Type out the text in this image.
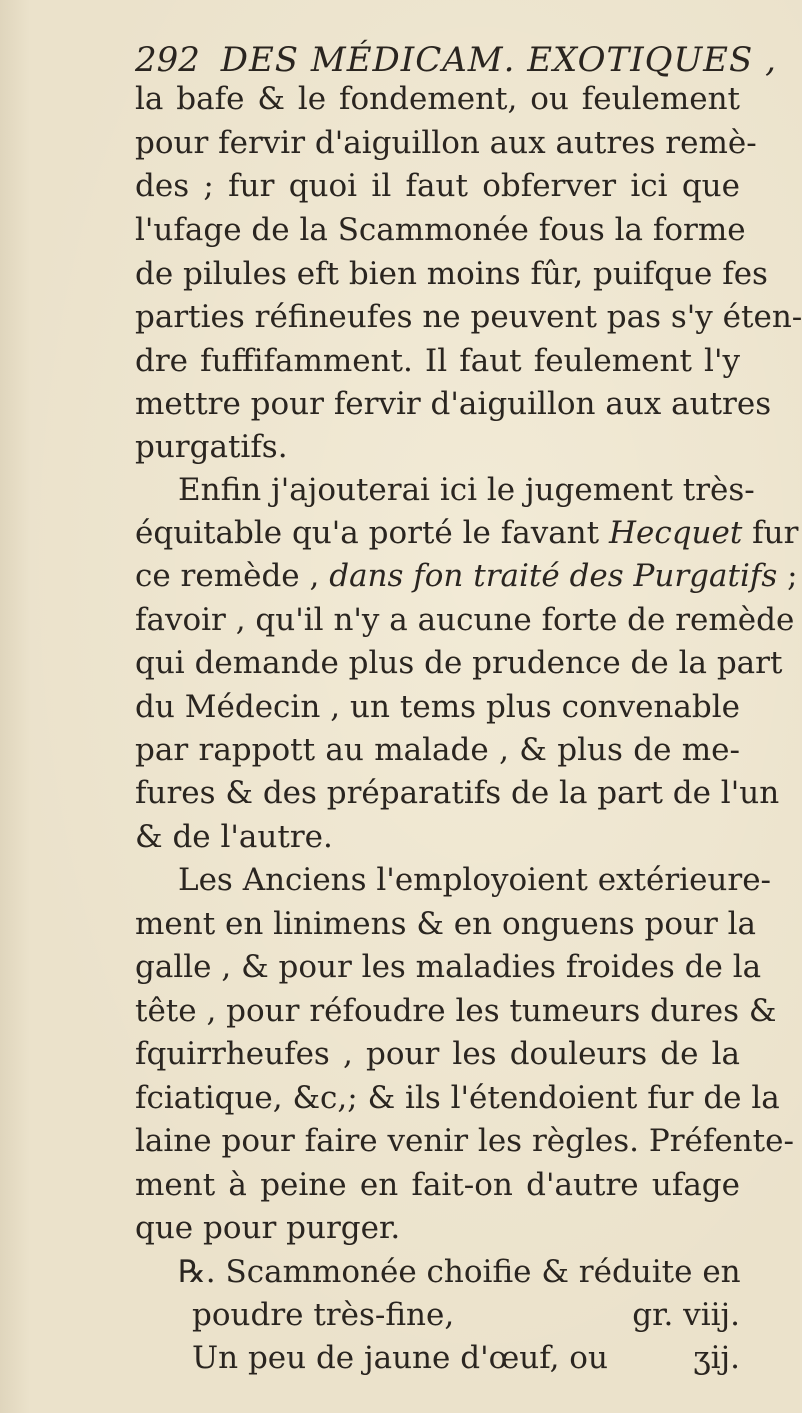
292 DES MÉDICAM. EXOTIQUES ,
la bafe & le fondement, ou feulement
pour fervir d'aiguillon aux autres remè-
des ; fur quoi il faut obferver ici que
l'ufage de la Scammonée fous la forme
de pilules eft bien moins fûr, puifque fes
parties réfineufes ne peuvent pas s'y éten-
dre fuffifamment. Il faut feulement l'y
mettre pour fervir d'aiguillon aux autres
purgatifs.
Enfin j'ajouterai ici le jugement très-
équitable qu'a porté le favant Hecquet fur
ce remède , dans fon traité des Purgatifs ;
favoir , qu'il n'y a aucune forte de remède
qui demande plus de prudence de la part
du Médecin , un tems plus convenable
par rappott au malade , & plus de me-
fures & des préparatifs de la part de l'un
& de l'autre.
Les Anciens l'employoient extérieure-
ment en linimens & en onguens pour la
galle , & pour les maladies froides de la
tête , pour réfoudre les tumeurs dures &
fquirrheufes , pour les douleurs de la
fciatique, &c,; & ils l'étendoient fur de la
laine pour faire venir les règles. Préfente-
ment à peine en fait-on d'autre ufage
que pour purger.
℞. Scammonée choifie & réduite en
poudre très-fine,	gr. viij.
Un peu de jaune d'œuf, ou	ʒij.
